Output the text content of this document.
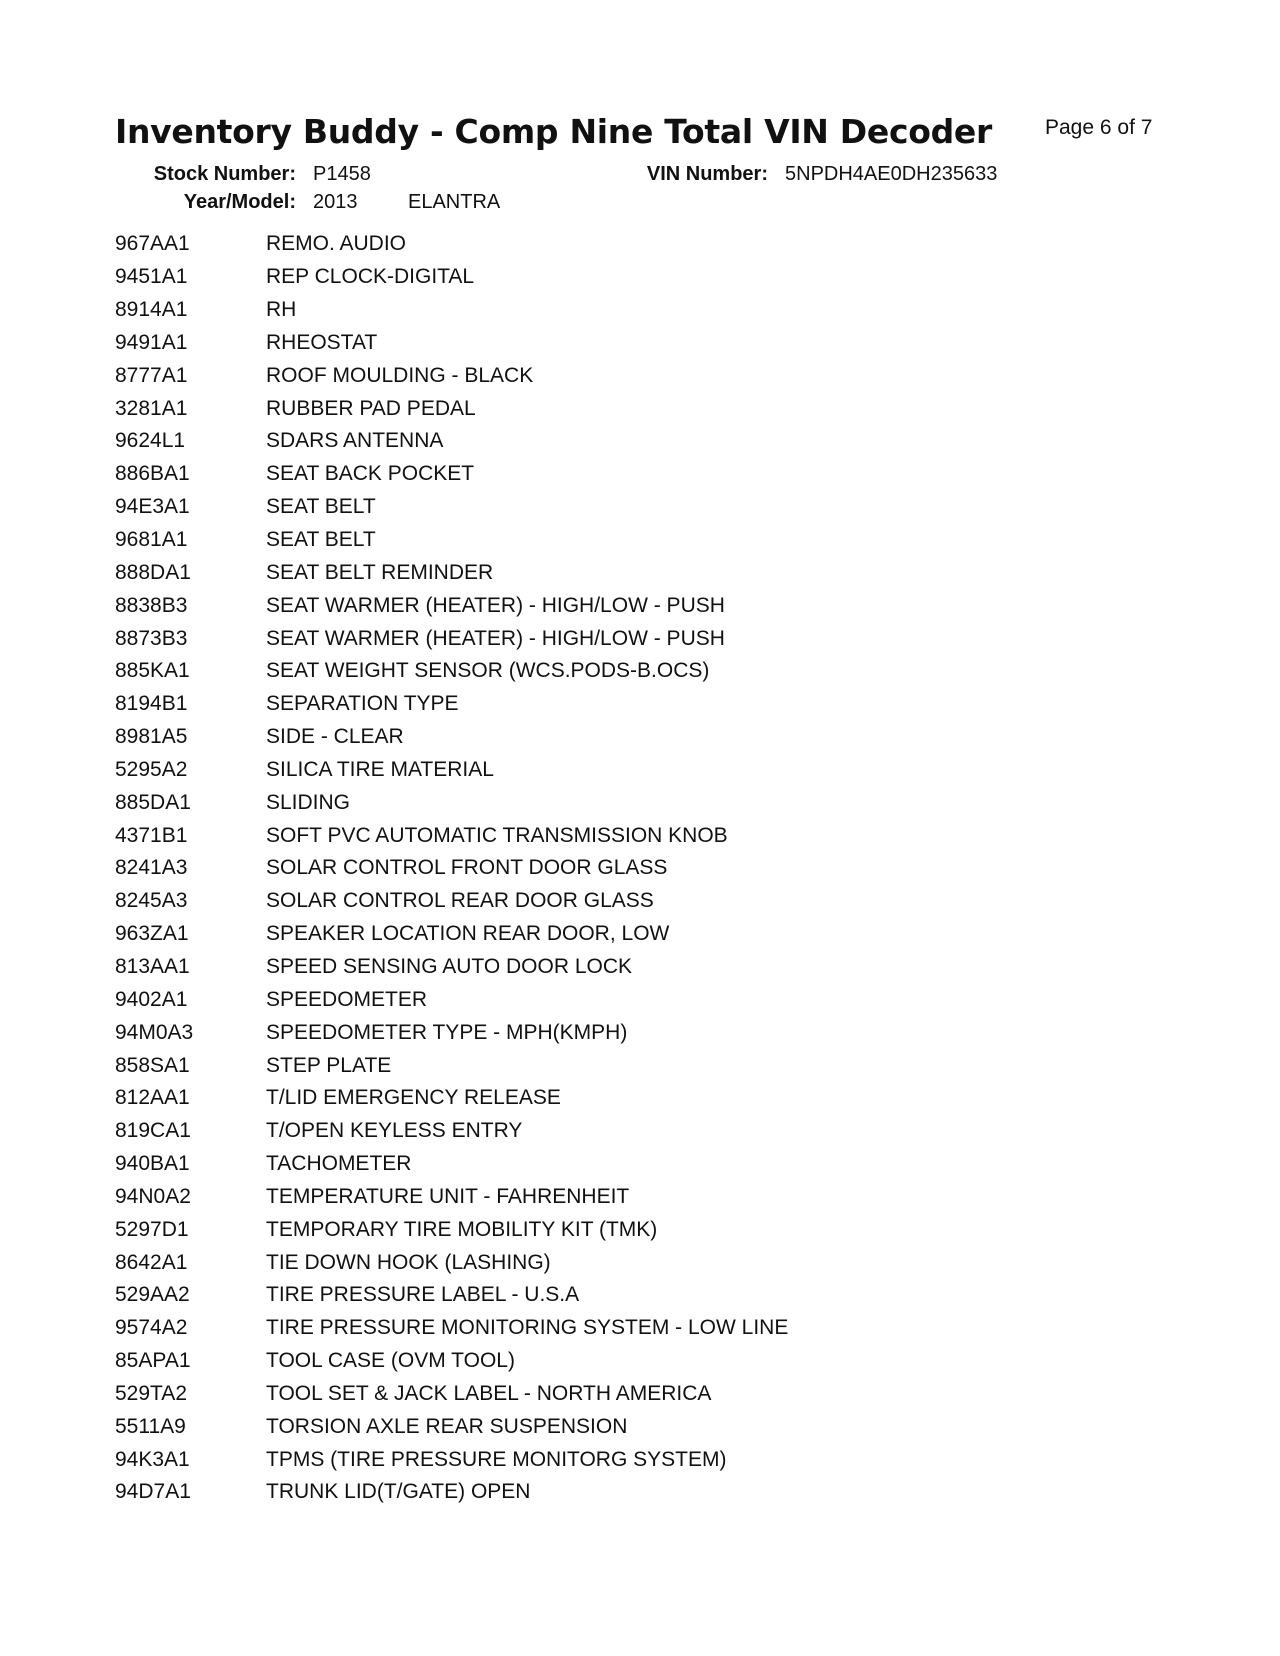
Inventory Buddy - Comp Nine Total VIN Decoder	Page 6 of 7
Stock Number: P1458	VIN Number: 5NPDH4AE0DH235633
Year/Model: 2013	ELANTRA
967AA1	REMO. AUDIO
9451A1	REP CLOCK-DIGITAL
8914A1	RH
9491A1	RHEOSTAT
8777A1	ROOF MOULDING - BLACK
3281A1	RUBBER PAD PEDAL
9624L1	SDARS ANTENNA
886BA1	SEAT BACK POCKET
94E3A1	SEAT BELT
9681A1	SEAT BELT
888DA1	SEAT BELT REMINDER
8838B3	SEAT WARMER (HEATER) - HIGH/LOW - PUSH
8873B3	SEAT WARMER (HEATER) - HIGH/LOW - PUSH
885KA1	SEAT WEIGHT SENSOR (WCS.PODS-B.OCS)
8194B1	SEPARATION TYPE
8981A5	SIDE - CLEAR
5295A2	SILICA TIRE MATERIAL
885DA1	SLIDING
4371B1	SOFT PVC AUTOMATIC TRANSMISSION KNOB
8241A3	SOLAR CONTROL FRONT DOOR GLASS
8245A3	SOLAR CONTROL REAR DOOR GLASS
963ZA1	SPEAKER LOCATION REAR DOOR, LOW
813AA1	SPEED SENSING AUTO DOOR LOCK
9402A1	SPEEDOMETER
94M0A3	SPEEDOMETER TYPE - MPH(KMPH)
858SA1	STEP PLATE
812AA1	T/LID EMERGENCY RELEASE
819CA1	T/OPEN KEYLESS ENTRY
940BA1	TACHOMETER
94N0A2	TEMPERATURE UNIT - FAHRENHEIT
5297D1	TEMPORARY TIRE MOBILITY KIT (TMK)
8642A1	TIE DOWN HOOK (LASHING)
529AA2	TIRE PRESSURE LABEL - U.S.A
9574A2	TIRE PRESSURE MONITORING SYSTEM - LOW LINE
85APA1	TOOL CASE (OVM TOOL)
529TA2	TOOL SET & JACK LABEL - NORTH AMERICA
5511A9	TORSION AXLE REAR SUSPENSION
94K3A1	TPMS (TIRE PRESSURE MONITORG SYSTEM)
94D7A1	TRUNK LID(T/GATE) OPEN
